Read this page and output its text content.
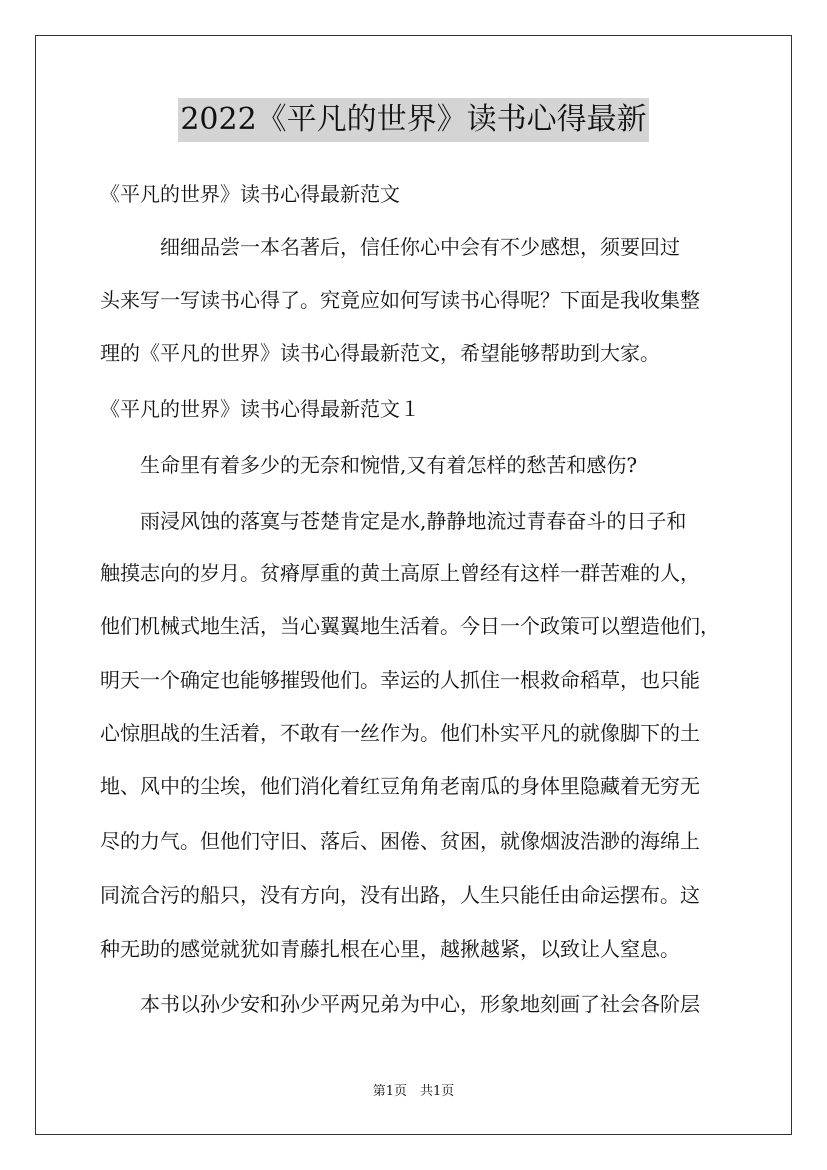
2022《平凡的世界》读书心得最新
《平凡的世界》读书心得最新范文
　　　细细品尝一本名著后，信任你心中会有不少感想，须要回过
头来写一写读书心得了。究竟应如何写读书心得呢？下面是我收集整
理的《平凡的世界》读书心得最新范文，希望能够帮助到大家。
《平凡的世界》读书心得最新范文１
　　生命里有着多少的无奈和惋惜,又有着怎样的愁苦和感伤?
　　雨浸风蚀的落寞与苍楚肯定是水,静静地流过青春奋斗的日子和
触摸志向的岁月。贫瘠厚重的黄土高原上曾经有这样一群苦难的人，
他们机械式地生活，当心翼翼地生活着。今日一个政策可以塑造他们，
明天一个确定也能够摧毁他们。幸运的人抓住一根救命稻草，也只能
心惊胆战的生活着，不敢有一丝作为。他们朴实平凡的就像脚下的土
地、风中的尘埃，他们消化着红豆角角老南瓜的身体里隐藏着无穷无
尽的力气。但他们守旧、落后、困倦、贫困，就像烟波浩渺的海绵上
同流合污的船只，没有方向，没有出路，人生只能任由命运摆布。这
种无助的感觉就犹如青藤扎根在心里，越揪越紧，以致让人窒息。
　　本书以孙少安和孙少平两兄弟为中心，形象地刻画了社会各阶层
第1页　共1页
